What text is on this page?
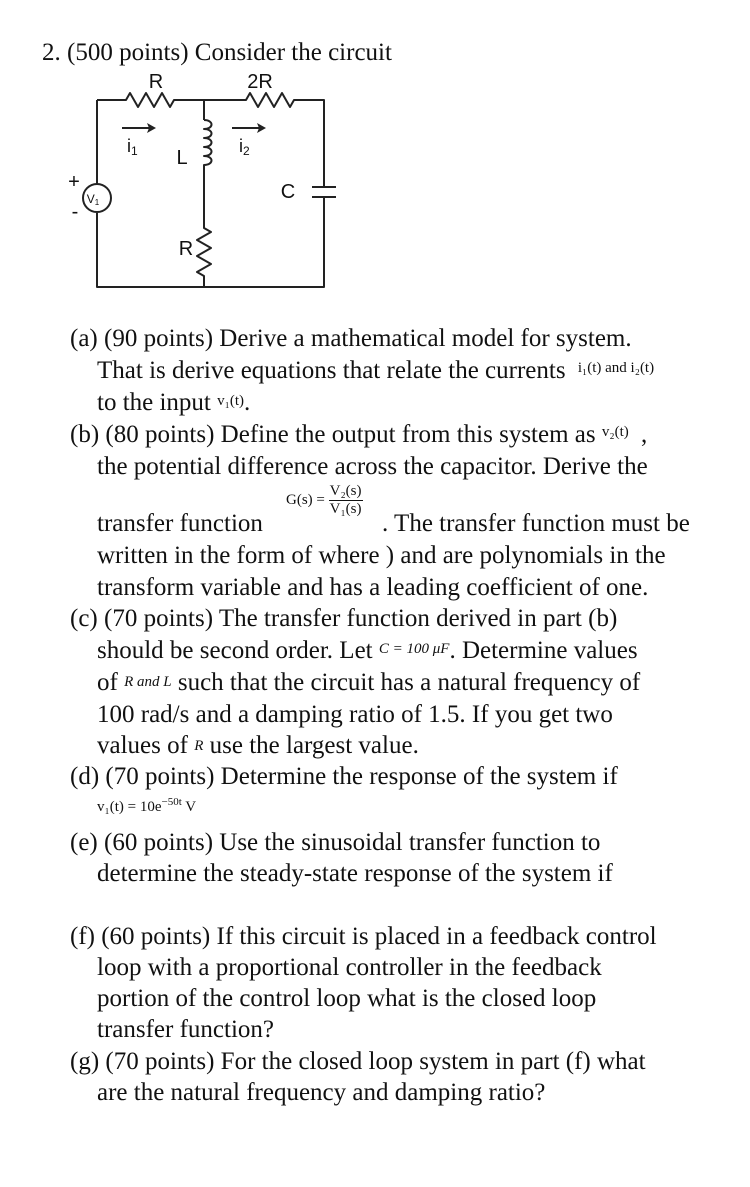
2. (500 points) Consider the circuit
R	2R
i1	i2
L
R
C
+
-
V1
(a) (90 points) Derive a mathematical model for system.
That is derive equations that relate the currents $^{i_1(t) and i_2(t)}$
to the input $^{v_1(t)}$.
(b) (80 points) Define the output from this system as $^{v_2(t)}$ ,
the potential difference across the capacitor. Derive the
$G(s) = \frac{\text{V₂(s)}}{\text{V₁(s)}}$
transfer function	. The transfer function must be
written in the form of where ) and are polynomials in the
transform variable and has a leading coefficient of one.
(c) (70 points) The transfer function derived in part (b)
should be second order. Let $^{C = 100 \mu F}$. Determine values
of R and L such that the circuit has a natural frequency of
100 rad/s and a damping ratio of 1.5. If you get two
values of R use the largest value.
(d) (70 points) Determine the response of the system if
$v_1(t) = 10e^{-50t}$ V
(e) (60 points) Use the sinusoidal transfer function to
determine the steady-state response of the system if
(f) (60 points) If this circuit is placed in a feedback control
loop with a proportional controller in the feedback
portion of the control loop what is the closed loop
transfer function?
(g) (70 points) For the closed loop system in part (f) what
are the natural frequency and damping ratio?
